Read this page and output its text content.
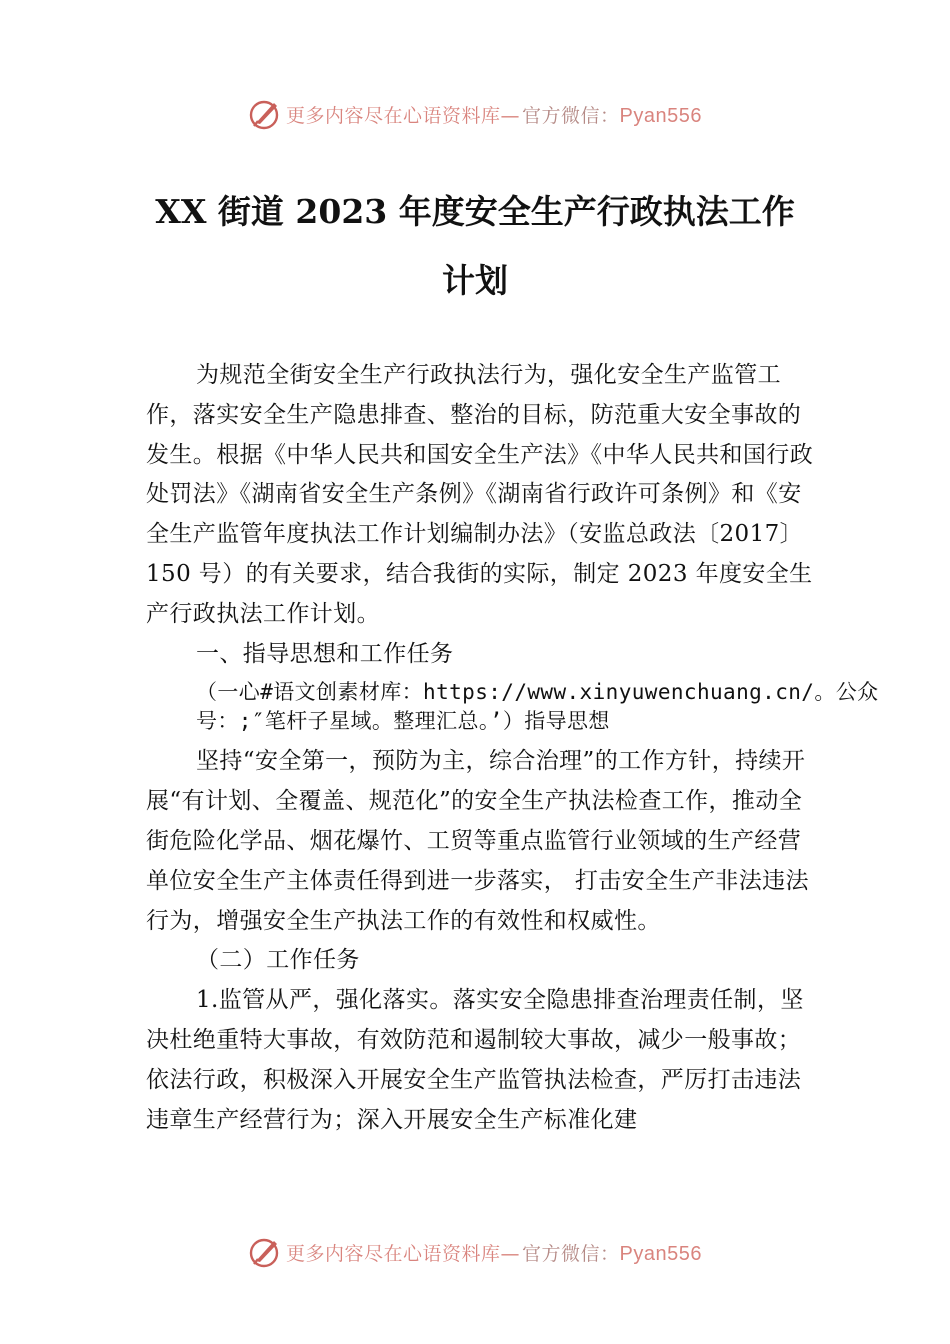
更多内容尽在心语资料库— 官方微信：Pyan556
XX 街道 2023 年度安全生产行政执法工作
计划

为规范全街安全生产行政执法行为，强化安全生产监管工作，落实安全生产隐患排查、整治的目标，防范重大安全事故的发生。根据《中华人民共和国安全生产法》《中华人民共和国行政处罚法》《湖南省安全生产条例》《湖南省行政许可条例》和《安全生产监管年度执法工作计划编制办法》（安监总政法〔2017〕150 号）的有关要求，结合我街的实际，制定 2023 年度安全生产行政执法工作计划。

一、指导思想和工作任务

（一心#语文创素材库：https://www.xinyuwenchuang.cn/。公众号：;″笔杆子星域。整理汇总。’）指导思想

坚持“安全第一，预防为主，综合治理”的工作方针，持续开展“有计划、全覆盖、规范化”的安全生产执法检查工作，推动全街危险化学品、烟花爆竹、工贸等重点监管行业领域的生产经营单位安全生产主体责任得到进一步落实， 打击安全生产非法违法行为，增强安全生产执法工作的有效性和权威性。

（二）工作任务

1.监管从严，强化落实。落实安全隐患排查治理责任制，坚决杜绝重特大事故，有效防范和遏制较大事故，减少一般事故；依法行政，积极深入开展安全生产监管执法检查，严厉打击违法违章生产经营行为；深入开展安全生产标准化建

更多内容尽在心语资料库— 官方微信：Pyan556
